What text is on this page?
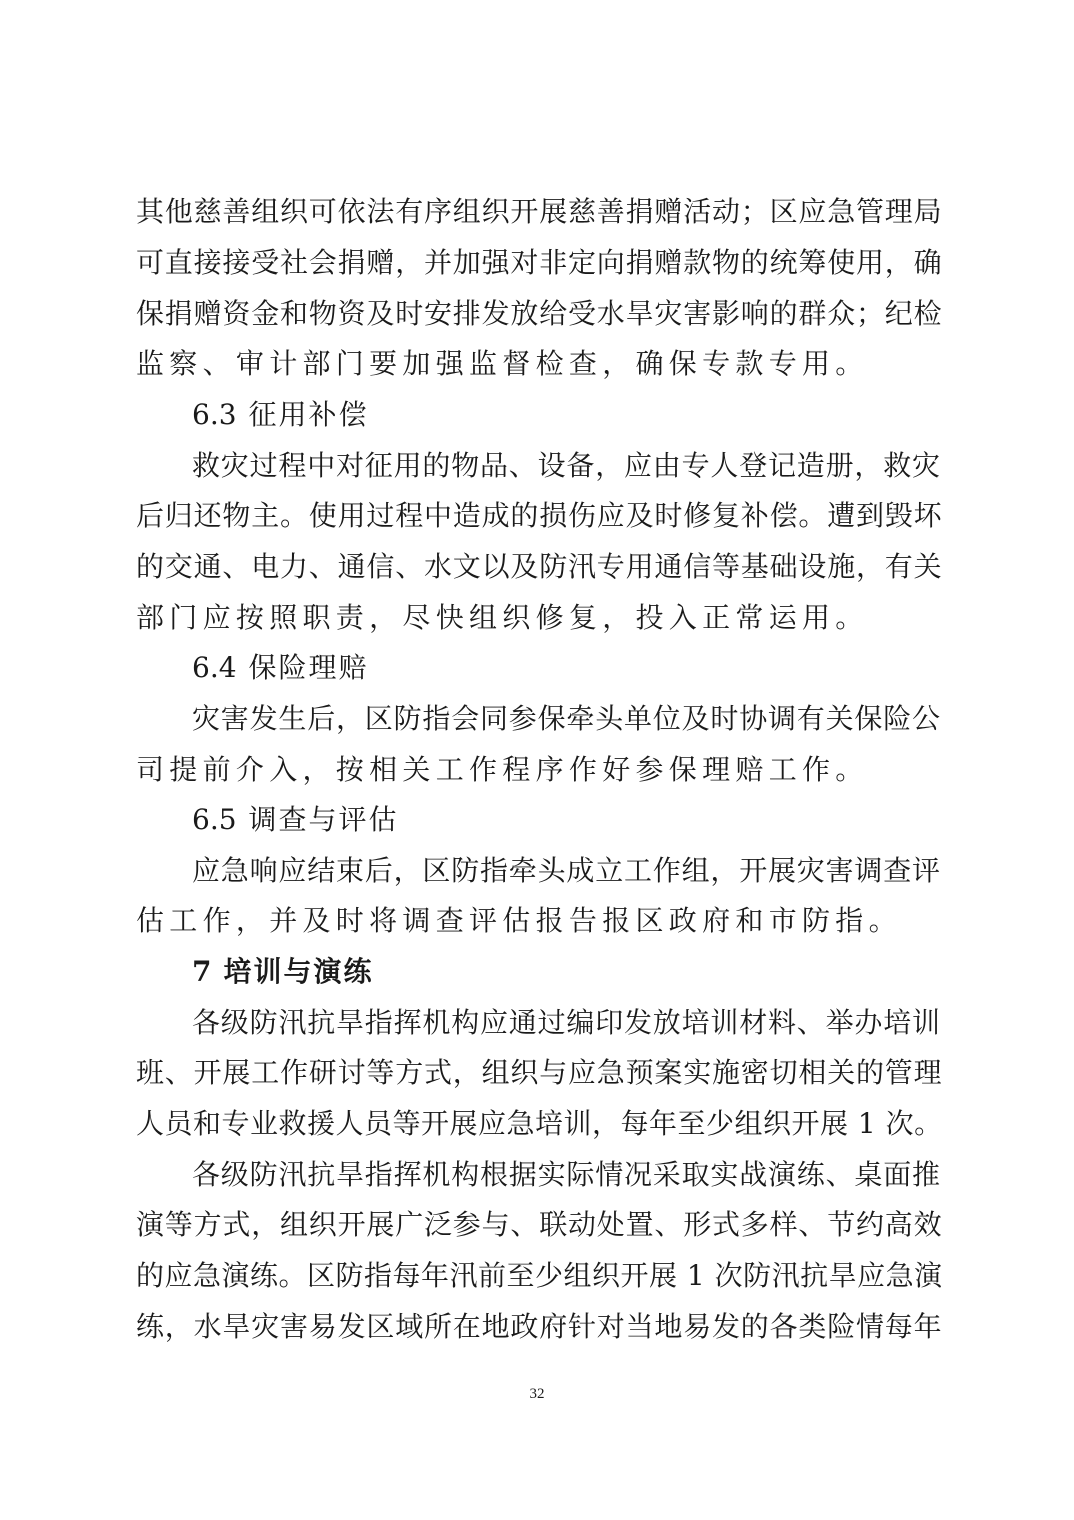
其他慈善组织可依法有序组织开展慈善捐赠活动；区应急管理局
可直接接受社会捐赠，并加强对非定向捐赠款物的统筹使用，确
保捐赠资金和物资及时安排发放给受水旱灾害影响的群众；纪检
监察、审计部门要加强监督检查，确保专款专用。
6.3 征用补偿
救灾过程中对征用的物品、设备，应由专人登记造册，救灾
后归还物主。使用过程中造成的损伤应及时修复补偿。遭到毁坏
的交通、电力、通信、水文以及防汛专用通信等基础设施，有关
部门应按照职责，尽快组织修复，投入正常运用。
6.4 保险理赔
灾害发生后，区防指会同参保牵头单位及时协调有关保险公
司提前介入，按相关工作程序作好参保理赔工作。
6.5 调查与评估
应急响应结束后，区防指牵头成立工作组，开展灾害调查评
估工作，并及时将调查评估报告报区政府和市防指。
7 培训与演练
各级防汛抗旱指挥机构应通过编印发放培训材料、举办培训
班、开展工作研讨等方式，组织与应急预案实施密切相关的管理
人员和专业救援人员等开展应急培训，每年至少组织开展 1 次。
各级防汛抗旱指挥机构根据实际情况采取实战演练、桌面推
演等方式，组织开展广泛参与、联动处置、形式多样、节约高效
的应急演练。区防指每年汛前至少组织开展 1 次防汛抗旱应急演
练，水旱灾害易发区域所在地政府针对当地易发的各类险情每年
32
